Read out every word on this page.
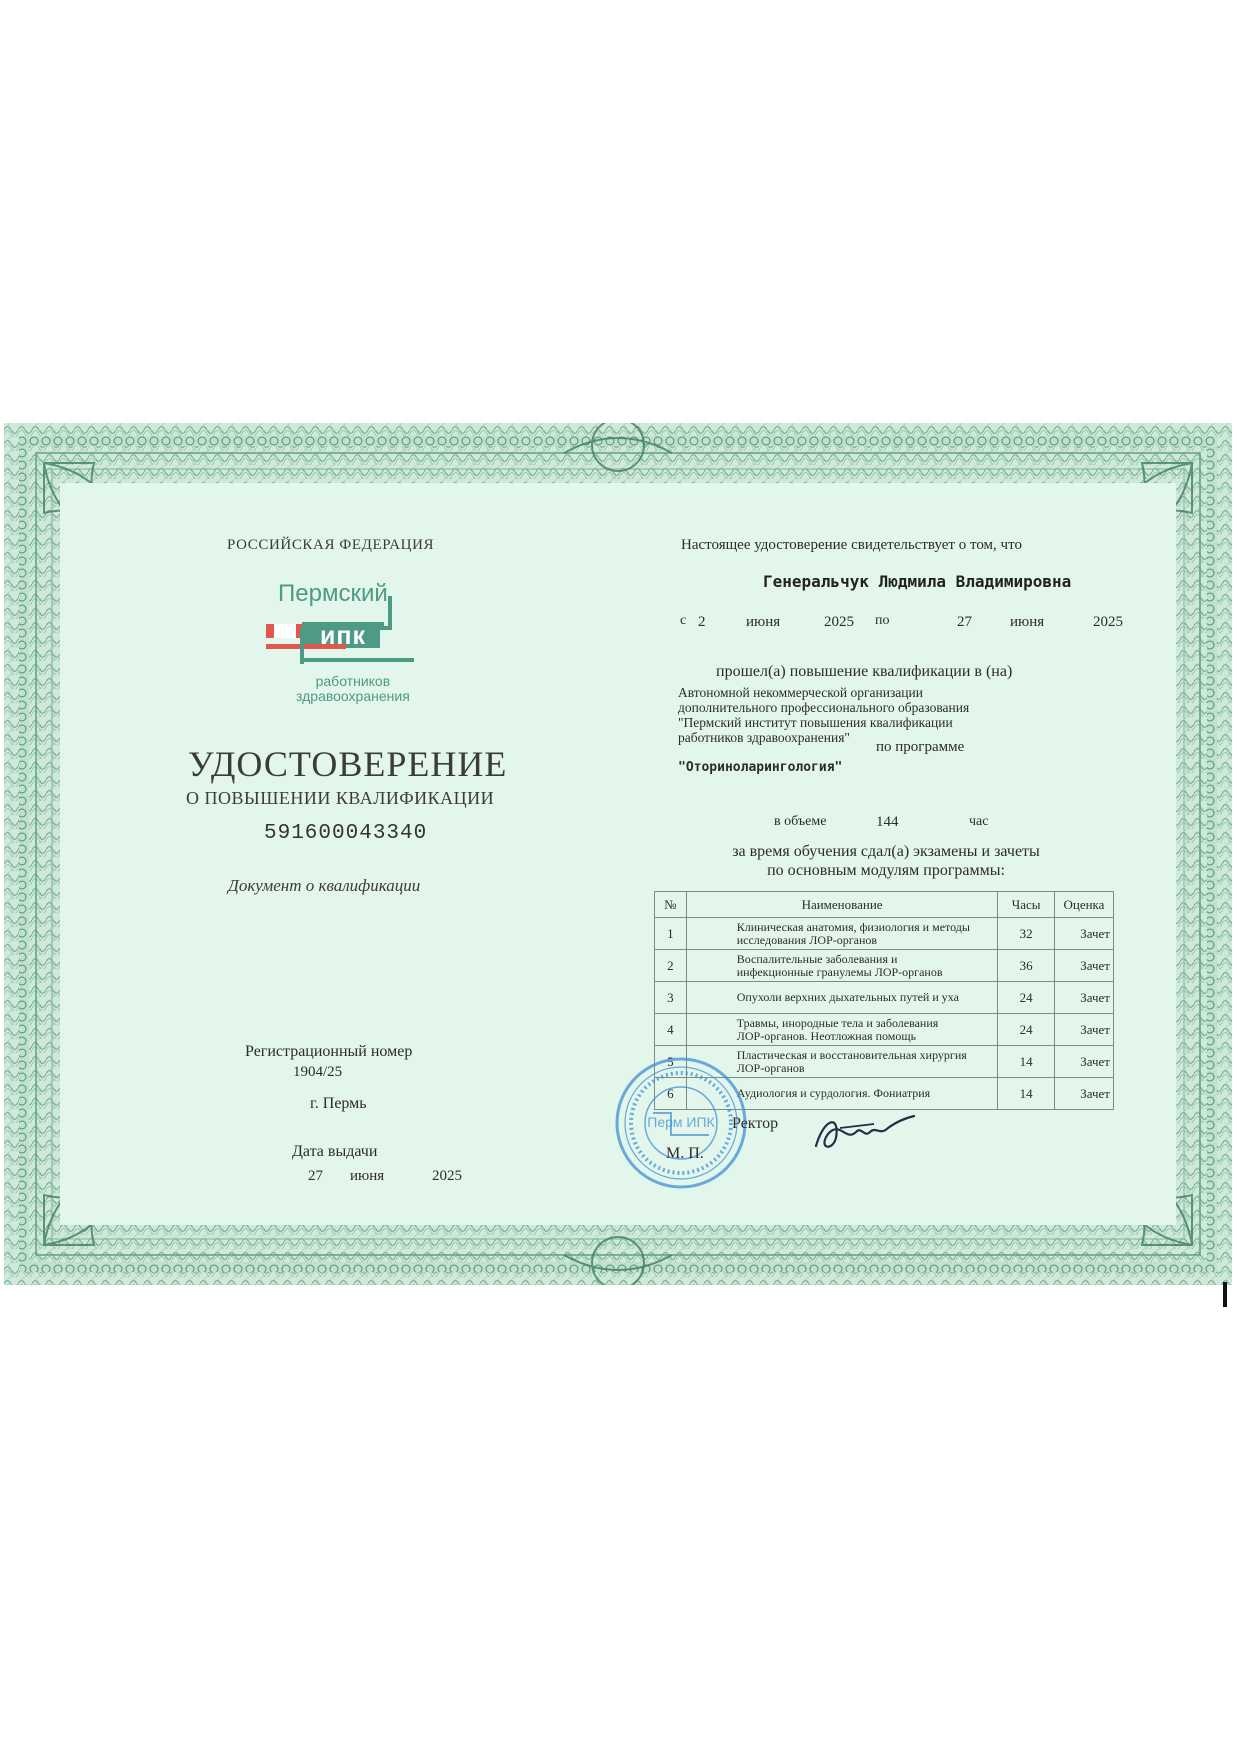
РОССИЙСКАЯ ФЕДЕРАЦИЯ
Пермский
ипк
работников
здравоохранения
УДОСТОВЕРЕНИЕ
О ПОВЫШЕНИИ КВАЛИФИКАЦИИ
591600043340
Документ о квалификации
Регистрационный номер
1904/25
г. Пермь
Дата выдачи
27 июня	2025
Настоящее удостоверение свидетельствует о том, что
Генеральчук Людмила Владимировна
с 2	июня	2025 по	27	июня	2025
прошел(а) повышение квалификации в (на)
Автономной некоммерческой организации
дополнительного профессионального образования
"Пермский институт повышения квалификации
работников здравоохранения"
по программе
"Оториноларингология"
в объеме	144	час
за время обучения сдал(а) экзамены и зачеты
по основным модулям программы:
№	Наименование	Часы	Оценка
1	Клиническая анатомия, физиология и методы
исследования ЛОР-органов	32	Зачет
2	Воспалительные заболевания и
инфекционные гранулемы ЛОР-органов	36	Зачет
3	Опухоли верхних дыхательных путей и уха	24	Зачет
4	Травмы, инородные тела и заболевания
ЛОР-органов. Неотложная помощь	24	Зачет
5	Пластическая и восстановительная хирургия
ЛОР-органов	14	Зачет
6	Аудиология и сурдология. Фониатрия	14	Зачет
Перм ИПК Ректор
М. П.
